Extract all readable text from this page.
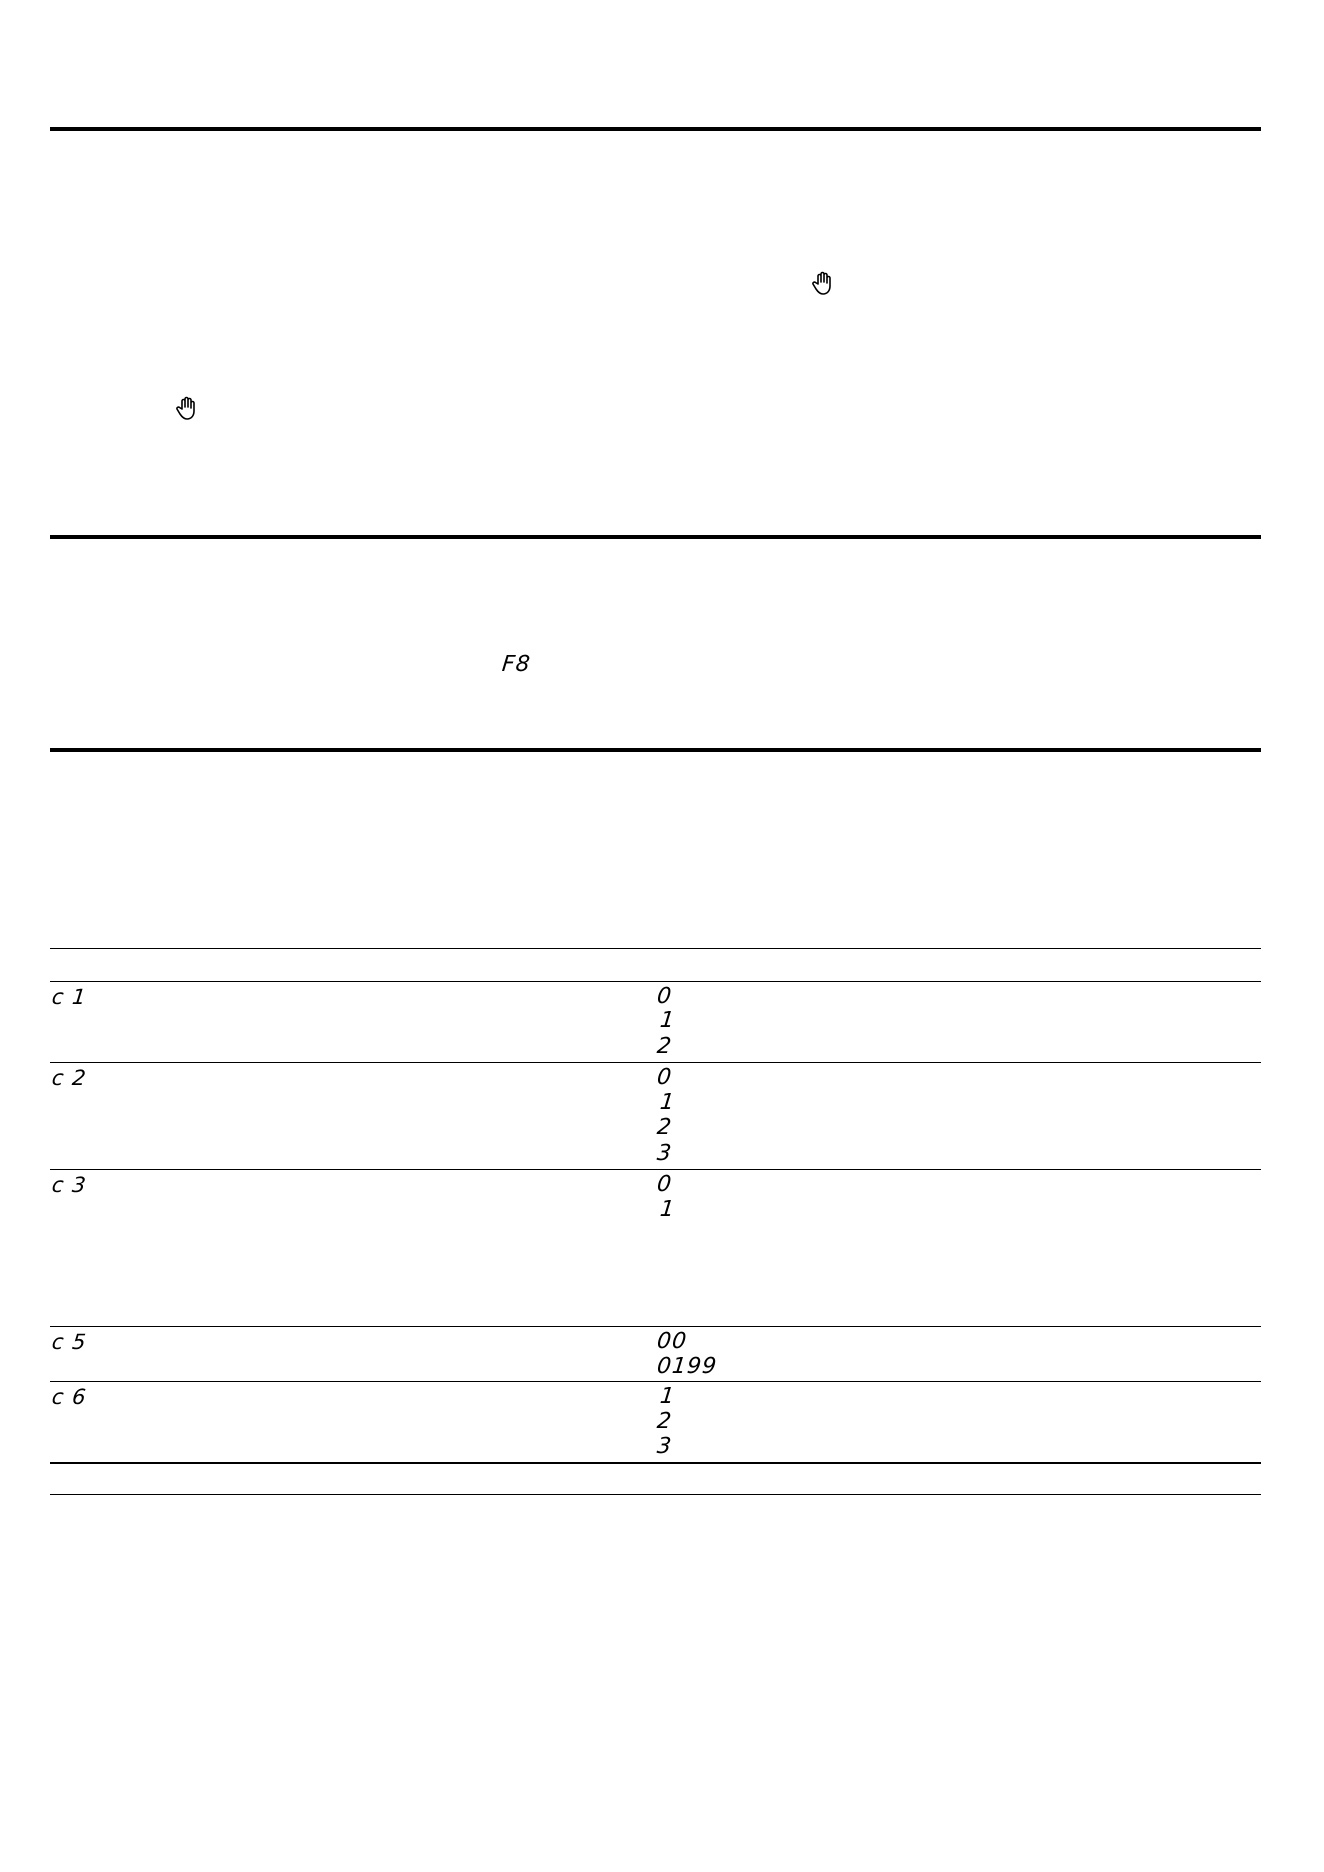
F8
c 1	0
1
2
c 2	0
1
2
3
c 3	0
1
c 5	00
0199
c 6	1
2
3
